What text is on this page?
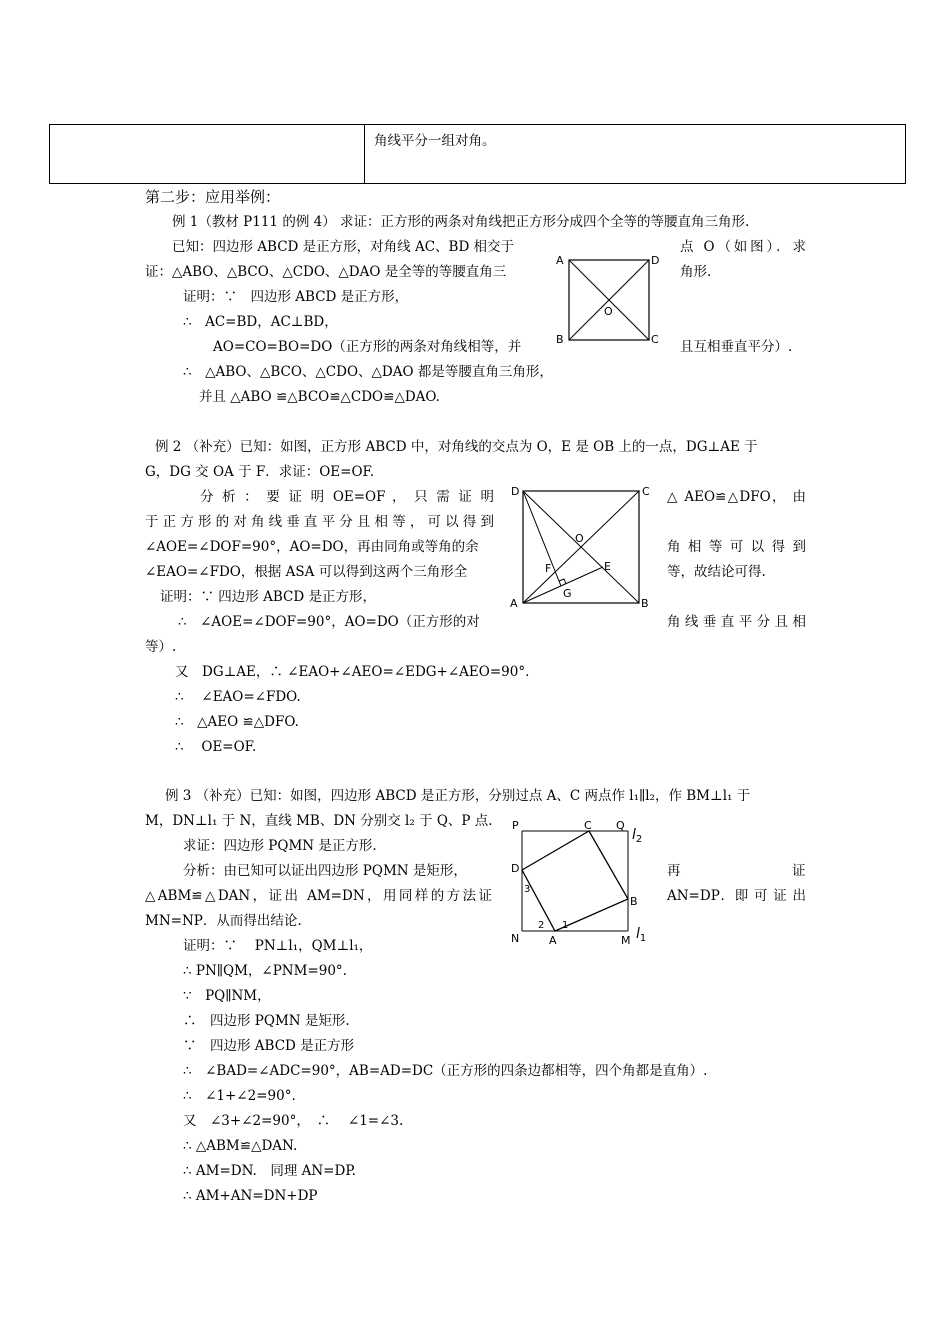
角线平分一组对角。
第二步：应用举例：
例 1（教材 P111 的例 4） 求证：正方形的两条对角线把正方形分成四个全等的等腰直角三角形.
已知：四边形 ABCD 是正方形，对角线 AC、BD 相交于	点 O（如图）．求
证：△ABO、△BCO、△CDO、△DAO 是全等的等腰直角三	角形.
证明：∵　四边形 ABCD 是正方形，
∴　AC=BD，AC⊥BD，
AO=CO=BO=DO（正方形的两条对角线相等，并	且互相垂直平分）.
∴　△ABO、△BCO、△CDO、△DAO 都是等腰直角三角形，
并且 △ABO ≌△BCO≌△CDO≌△DAO.
A	D
B	C
O
例 2 （补充）已知：如图，正方形 ABCD 中，对角线的交点为 O，E 是 OB 上的一点，DG⊥AE 于
G，DG 交 OA 于 F．求证：OE=OF.
分 析 ： 要 证 明 OE=OF ， 只 需 证 明	△ AEO≌△DFO， 由
于正方形的对角线垂直平分且相等，可以得到
∠AOE=∠DOF=90°，AO=DO，再由同角或等角的余	角 相 等 可 以 得 到
∠EAO=∠FDO，根据 ASA 可以得到这两个三角形全	等，故结论可得.
证明：∵ 四边形 ABCD 是正方形，
∴　∠AOE=∠DOF=90°，AO=DO（正方形的对	角 线 垂 直 平 分 且 相
等）.
又　DG⊥AE，∴ ∠EAO+∠AEO=∠EDG+∠AEO=90°.
∴　 ∠EAO=∠FDO.
∴　△AEO ≌△DFO.
∴　 OE=OF.
D	C
A	B
O
F	E
G
例 3 （补充）已知：如图，四边形 ABCD 是正方形，分别过点 A、C 两点作 l₁∥l₂，作 BM⊥l₁ 于
M，DN⊥l₁ 于 N，直线 MB、DN 分别交 l₂ 于 Q、P 点.
求证：四边形 PQMN 是正方形.
分析：由已知可以证出四边形 PQMN 是矩形，	再	证
△ABM≌△DAN，证出 AM=DN，用同样的方法证	AN=DP．即 可 证 出
MN=NP．从而得出结论.
证明：∵　 PN⊥l₁，QM⊥l₁，
∴ PN∥QM，∠PNM=90°.
∵　PQ∥NM，
∴　四边形 PQMN 是矩形.
∵　四边形 ABCD 是正方形
∴　∠BAD=∠ADC=90°，AB=AD=DC（正方形的四条边都相等，四个角都是直角）.
∴　∠1+∠2=90°.
又　∠3+∠2=90°，　∴　 ∠1=∠3.
∴ △ABM≌△DAN.
∴ AM=DN.　同理 AN=DP.
∴ AM+AN=DN+DP
P	C Q
$l_2$
D
3
B
2 1
N	A	M $l_1$
